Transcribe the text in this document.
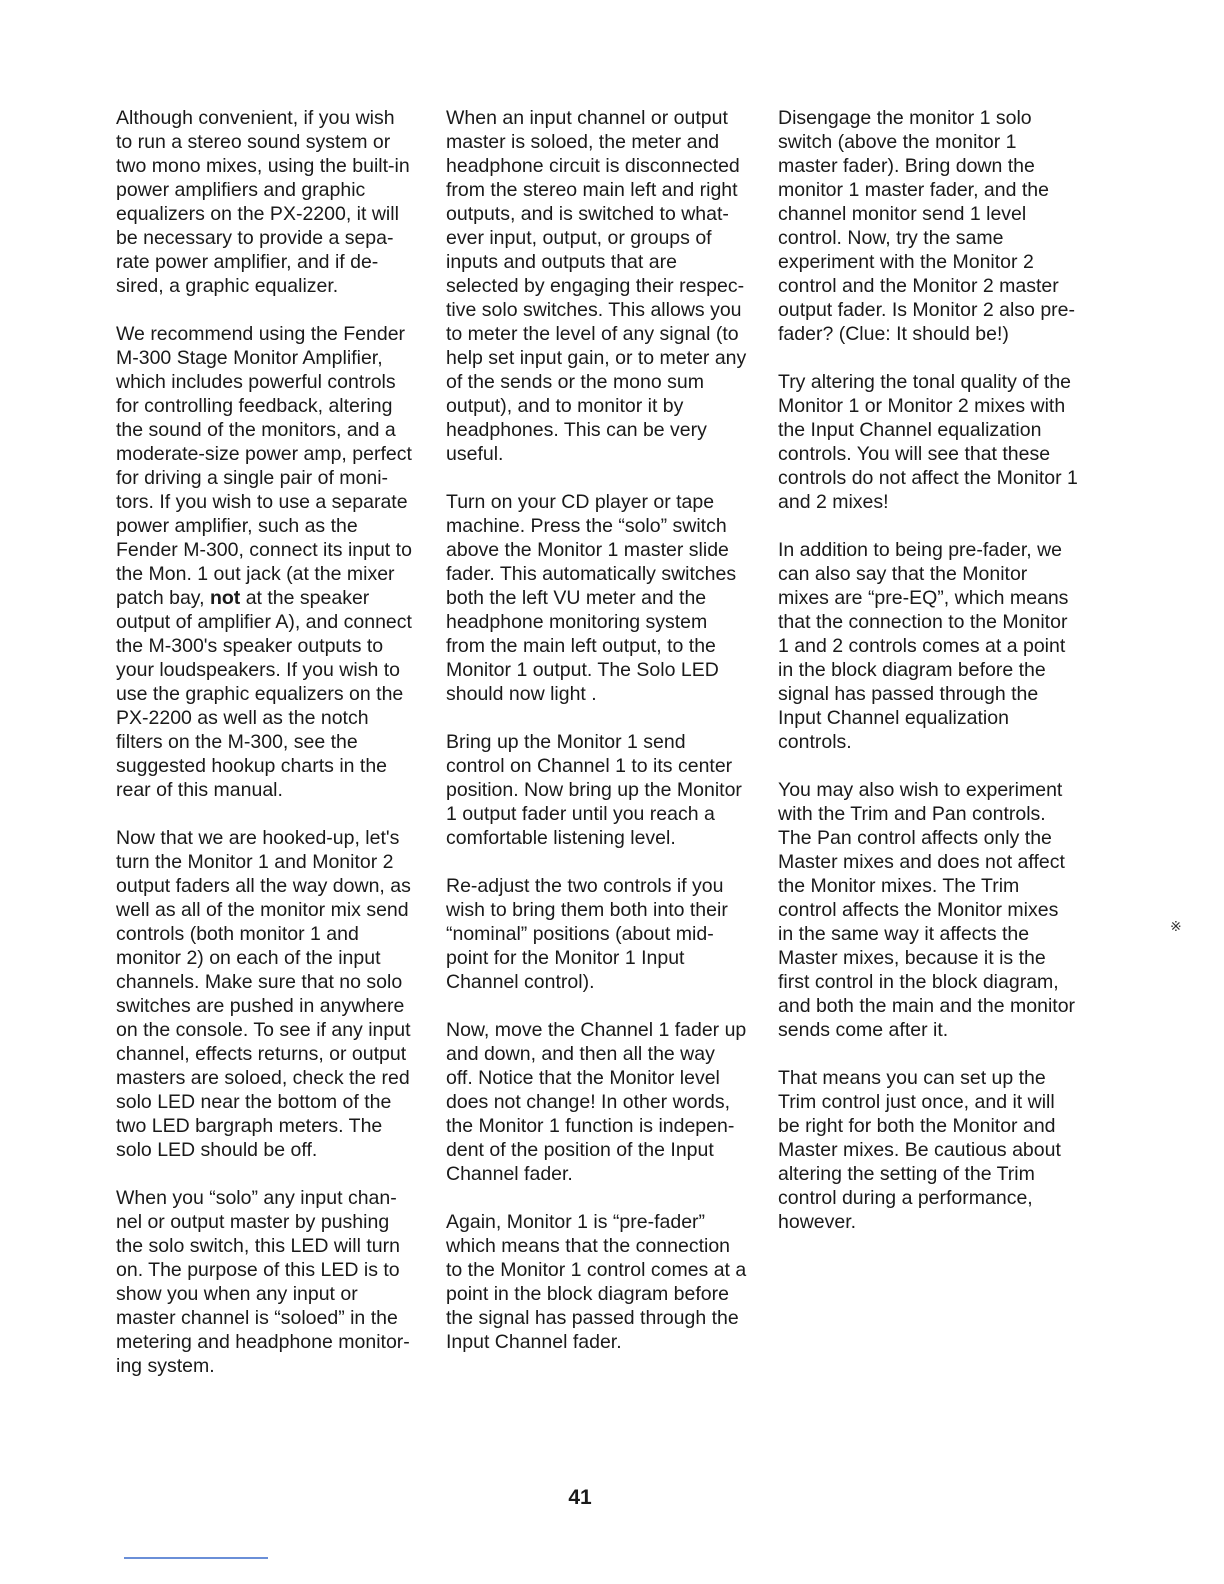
Although convenient, if you wish
to run a stereo sound system or
two mono mixes, using the built-in
power amplifiers and graphic
equalizers on the PX-2200, it will
be necessary to provide a sepa-
rate power amplifier, and if de-
sired, a graphic equalizer.

We recommend using the Fender
M-300 Stage Monitor Amplifier,
which includes powerful controls
for controlling feedback, altering
the sound of the monitors, and a
moderate-size power amp, perfect
for driving a single pair of moni-
tors. If you wish to use a separate
power amplifier, such as the
Fender M-300, connect its input to
the Mon. 1 out jack (at the mixer
patch bay, not at the speaker
output of amplifier A), and connect
the M-300's speaker outputs to
your loudspeakers. If you wish to
use the graphic equalizers on the
PX-2200 as well as the notch
filters on the M-300, see the
suggested hookup charts in the
rear of this manual.

Now that we are hooked-up, let's
turn the Monitor 1 and Monitor 2
output faders all the way down, as
well as all of the monitor mix send
controls (both monitor 1 and
monitor 2) on each of the input
channels. Make sure that no solo
switches are pushed in anywhere
on the console. To see if any input
channel, effects returns, or output
masters are soloed, check the red
solo LED near the bottom of the
two LED bargraph meters. The
solo LED should be off.

When you “solo” any input chan-
nel or output master by pushing
the solo switch, this LED will turn
on. The purpose of this LED is to
show you when any input or
master channel is “soloed” in the
metering and headphone monitor-
ing system.

When an input channel or output
master is soloed, the meter and
headphone circuit is disconnected
from the stereo main left and right
outputs, and is switched to what-
ever input, output, or groups of
inputs and outputs that are
selected by engaging their respec-
tive solo switches. This allows you
to meter the level of any signal (to
help set input gain, or to meter any
of the sends or the mono sum
output), and to monitor it by
headphones. This can be very
useful.

Turn on your CD player or tape
machine. Press the “solo” switch
above the Monitor 1 master slide
fader. This automatically switches
both the left VU meter and the
headphone monitoring system
from the main left output, to the
Monitor 1 output. The Solo LED
should now light .

Bring up the Monitor 1 send
control on Channel 1 to its center
position. Now bring up the Monitor
1 output fader until you reach a
comfortable listening level.

Re-adjust the two controls if you
wish to bring them both into their
“nominal” positions (about mid-
point for the Monitor 1 Input
Channel control).

Now, move the Channel 1 fader up
and down, and then all the way
off. Notice that the Monitor level
does not change! In other words,
the Monitor 1 function is indepen-
dent of the position of the Input
Channel fader.

Again, Monitor 1 is “pre-fader”
which means that the connection
to the Monitor 1 control comes at a
point in the block diagram before
the signal has passed through the
Input Channel fader.

Disengage the monitor 1 solo
switch (above the monitor 1
master fader). Bring down the
monitor 1 master fader, and the
channel monitor send 1 level
control. Now, try the same
experiment with the Monitor 2
control and the Monitor 2 master
output fader. Is Monitor 2 also pre-
fader? (Clue: It should be!)

Try altering the tonal quality of the
Monitor 1 or Monitor 2 mixes with
the Input Channel equalization
controls. You will see that these
controls do not affect the Monitor 1
and 2 mixes!

In addition to being pre-fader, we
can also say that the Monitor
mixes are “pre-EQ”, which means
that the connection to the Monitor
1 and 2 controls comes at a point
in the block diagram before the
signal has passed through the
Input Channel equalization
controls.

You may also wish to experiment
with the Trim and Pan controls.
The Pan control affects only the
Master mixes and does not affect
the Monitor mixes. The Trim
control affects the Monitor mixes
in the same way it affects the
Master mixes, because it is the
first control in the block diagram,
and both the main and the monitor
sends come after it.

That means you can set up the
Trim control just once, and it will
be right for both the Monitor and
Master mixes. Be cautious about
altering the setting of the Trim
control during a performance,
however.

41
※
